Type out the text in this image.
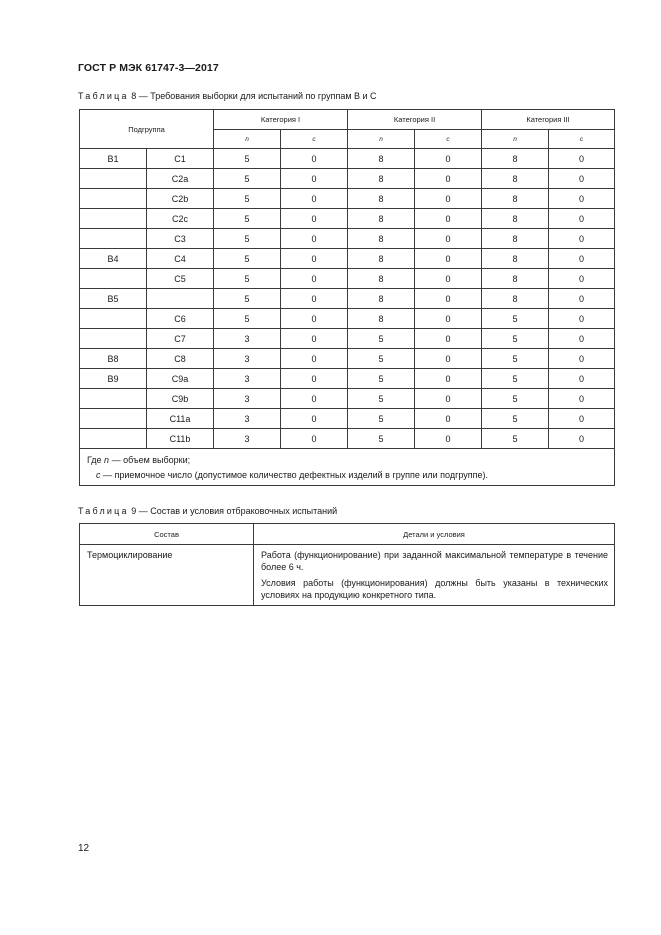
ГОСТ Р МЭК 61747-3—2017
Таблица 8 — Требования выборки для испытаний по группам В и С
Подгруппа		Категория I		Категория II		Категория III	
		n	c	n	c	n	c
B1	C1	5	0	8	0	8	0
	C2a	5	0	8	0	8	0
	C2b	5	0	8	0	8	0
	C2c	5	0	8	0	8	0
	C3	5	0	8	0	8	0
B4	C4	5	0	8	0	8	0
	C5	5	0	8	0	8	0
B5		5	0	8	0	8	0
	C6	5	0	8	0	5	0
	C7	3	0	5	0	5	0
B8	C8	3	0	5	0	5	0
B9	C9a	3	0	5	0	5	0
	C9b	3	0	5	0	5	0
	C11a	3	0	5	0	5	0
	C11b	3	0	5	0	5	0

Где n — объем выборки;
c — приемочное число (допустимое количество дефектных изделий в группе или подгруппе).							
Таблица 9 — Состав и условия отбраковочных испытаний
Состав	Детали и условия
Термоциклирование	Работа (функционирование) при заданной максимальной температуре в течение более 6 ч.

Условия работы (функционирования) должны быть указаны в технических условиях на продукцию конкретного типа.

12
